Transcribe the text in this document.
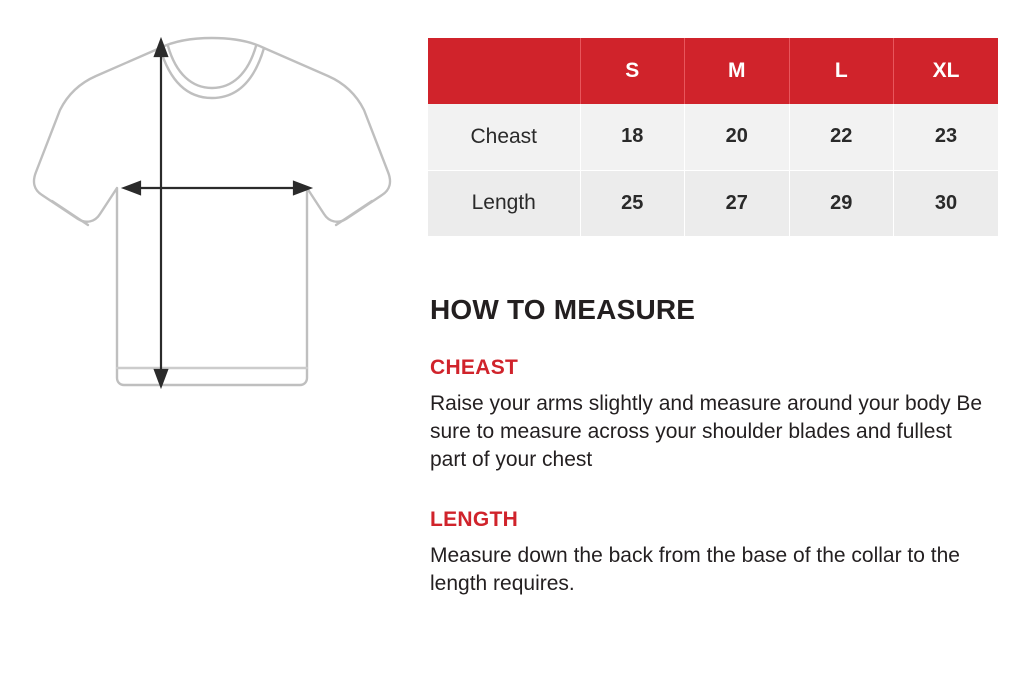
	S	M	L	XL
Cheast	18	20	22	23
Length	25	27	29	30
HOW TO MEASURE
CHEAST
Raise your arms slightly and measure around your body Be sure to measure across your shoulder blades and fullest part of your chest
LENGTH
Measure down the back from the base of the collar to the length requires.
